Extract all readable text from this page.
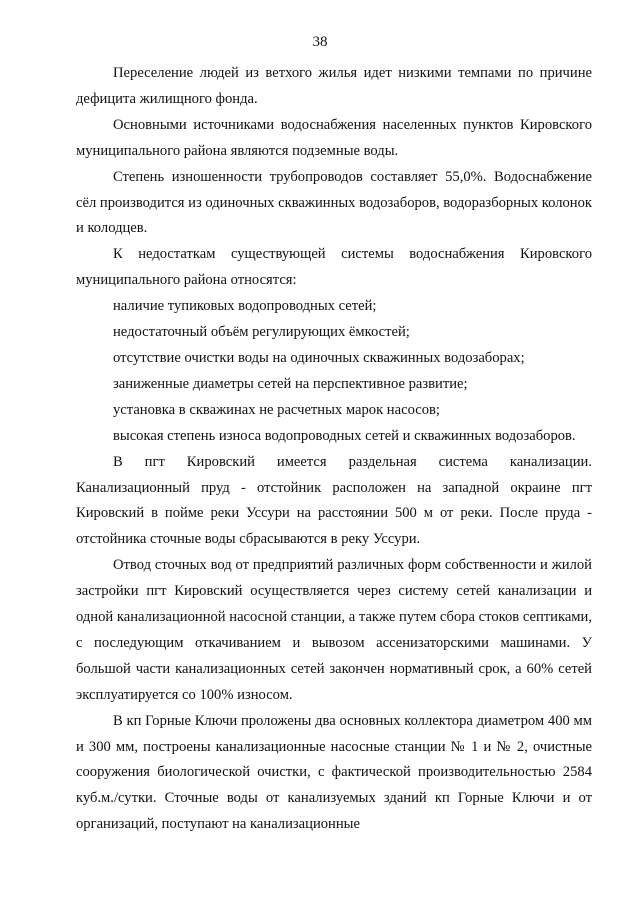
38

Переселение людей из ветхого жилья идет низкими темпами по причине дефицита жилищного фонда.

Основными источниками водоснабжения населенных пунктов Кировского муниципального района являются подземные воды.

Степень изношенности трубопроводов составляет 55,0%. Водоснабжение сёл производится из одиночных скважинных водозаборов, водоразборных колонок и колодцев.

К недостаткам существующей системы водоснабжения Кировского муниципального района относятся:

наличие тупиковых водопроводных сетей;

недостаточный объём регулирующих ёмкостей;

отсутствие очистки воды на одиночных скважинных водозаборах;

заниженные диаметры сетей на перспективное развитие;

установка в скважинах не расчетных марок насосов;

высокая степень износа водопроводных сетей и скважинных водозаборов.

В пгт Кировский имеется раздельная система канализации. Канализационный пруд - отстойник расположен на западной окраине пгт Кировский в пойме реки Уссури на расстоянии 500 м от реки. После пруда - отстойника сточные воды сбрасываются в реку Уссури.

Отвод сточных вод от предприятий различных форм собственности и жилой застройки пгт Кировский осуществляется через систему сетей канализации и одной канализационной насосной станции, а также путем сбора стоков септиками, с последующим откачиванием и вывозом ассенизаторскими машинами. У большой части канализационных сетей закончен нормативный срок, а 60% сетей эксплуатируется со 100% износом.

В кп Горные Ключи проложены два основных коллектора диаметром 400 мм и 300 мм, построены канализационные насосные станции № 1 и № 2, очистные сооружения биологической очистки, с фактической производительностью 2584 куб.м./сутки. Сточные воды от канализуемых зданий кп Горные Ключи и от организаций, поступают на канализационные
